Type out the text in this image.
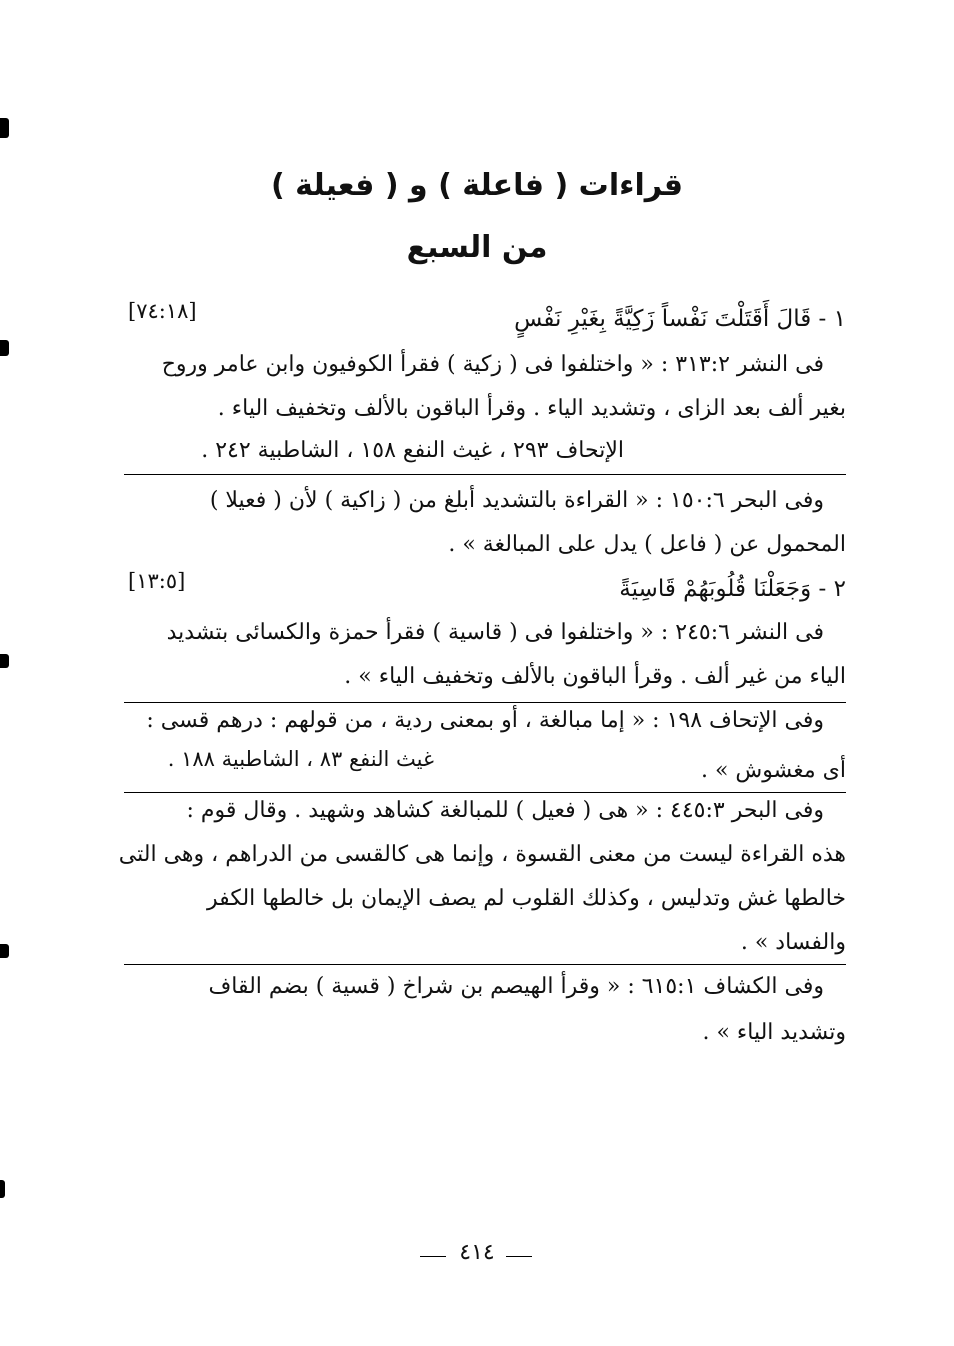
قراءات ( فاعلة ) و ( فعيلة )
من السبع
١ - قَالَ أَقَتَلْتَ نَفْساً زَكِيَّةً بِغَيْرِ نَفْسٍ
[٧٤:١٨]
فى النشر ٣١٣:٢ : « واختلفوا فى ( زكية ) فقرأ الكوفيون وابن عامر وروح
بغير ألف بعد الزاى ، وتشديد الياء . وقرأ الباقون بالألف وتخفيف الياء .
الإتحاف ٢٩٣ ، غيث النفع ١٥٨ ، الشاطبية ٢٤٢ .
وفى البحر ١٥٠:٦ : « القراءة بالتشديد أبلغ من ( زاكية ) لأن ( فعيلا )
المحمول عن ( فاعل ) يدل على المبالغة » .
٢ - وَجَعَلْنَا قُلُوبَهُمْ قَاسِيَةً
[١٣:٥]
فى النشر ٢٤٥:٦ : « واختلفوا فى ( قاسية ) فقرأ حمزة والكسائى بتشديد
الياء من غير ألف . وقرأ الباقون بالألف وتخفيف الياء » .
وفى الإتحاف ١٩٨ : « إما مبالغة ، أو بمعنى ردية ، من قولهم : درهم قسى :
أى مغشوش » .
غيث النفع ٨٣ ، الشاطبية ١٨٨ .
وفى البحر ٤٤٥:٣ : « هى ( فعيل ) للمبالغة كشاهد وشهيد . وقال قوم :
هذه القراءة ليست من معنى القسوة ، وإنما هى كالقسى من الدراهم ، وهى التى
خالطها غش وتدليس ، وكذلك القلوب لم يصف الإيمان بل خالطها الكفر
والفساد » .
وفى الكشاف ٦١٥:١ : « وقرأ الهيصم بن شراخ ( قسية ) بضم القاف
وتشديد الياء » .
٤١٤
